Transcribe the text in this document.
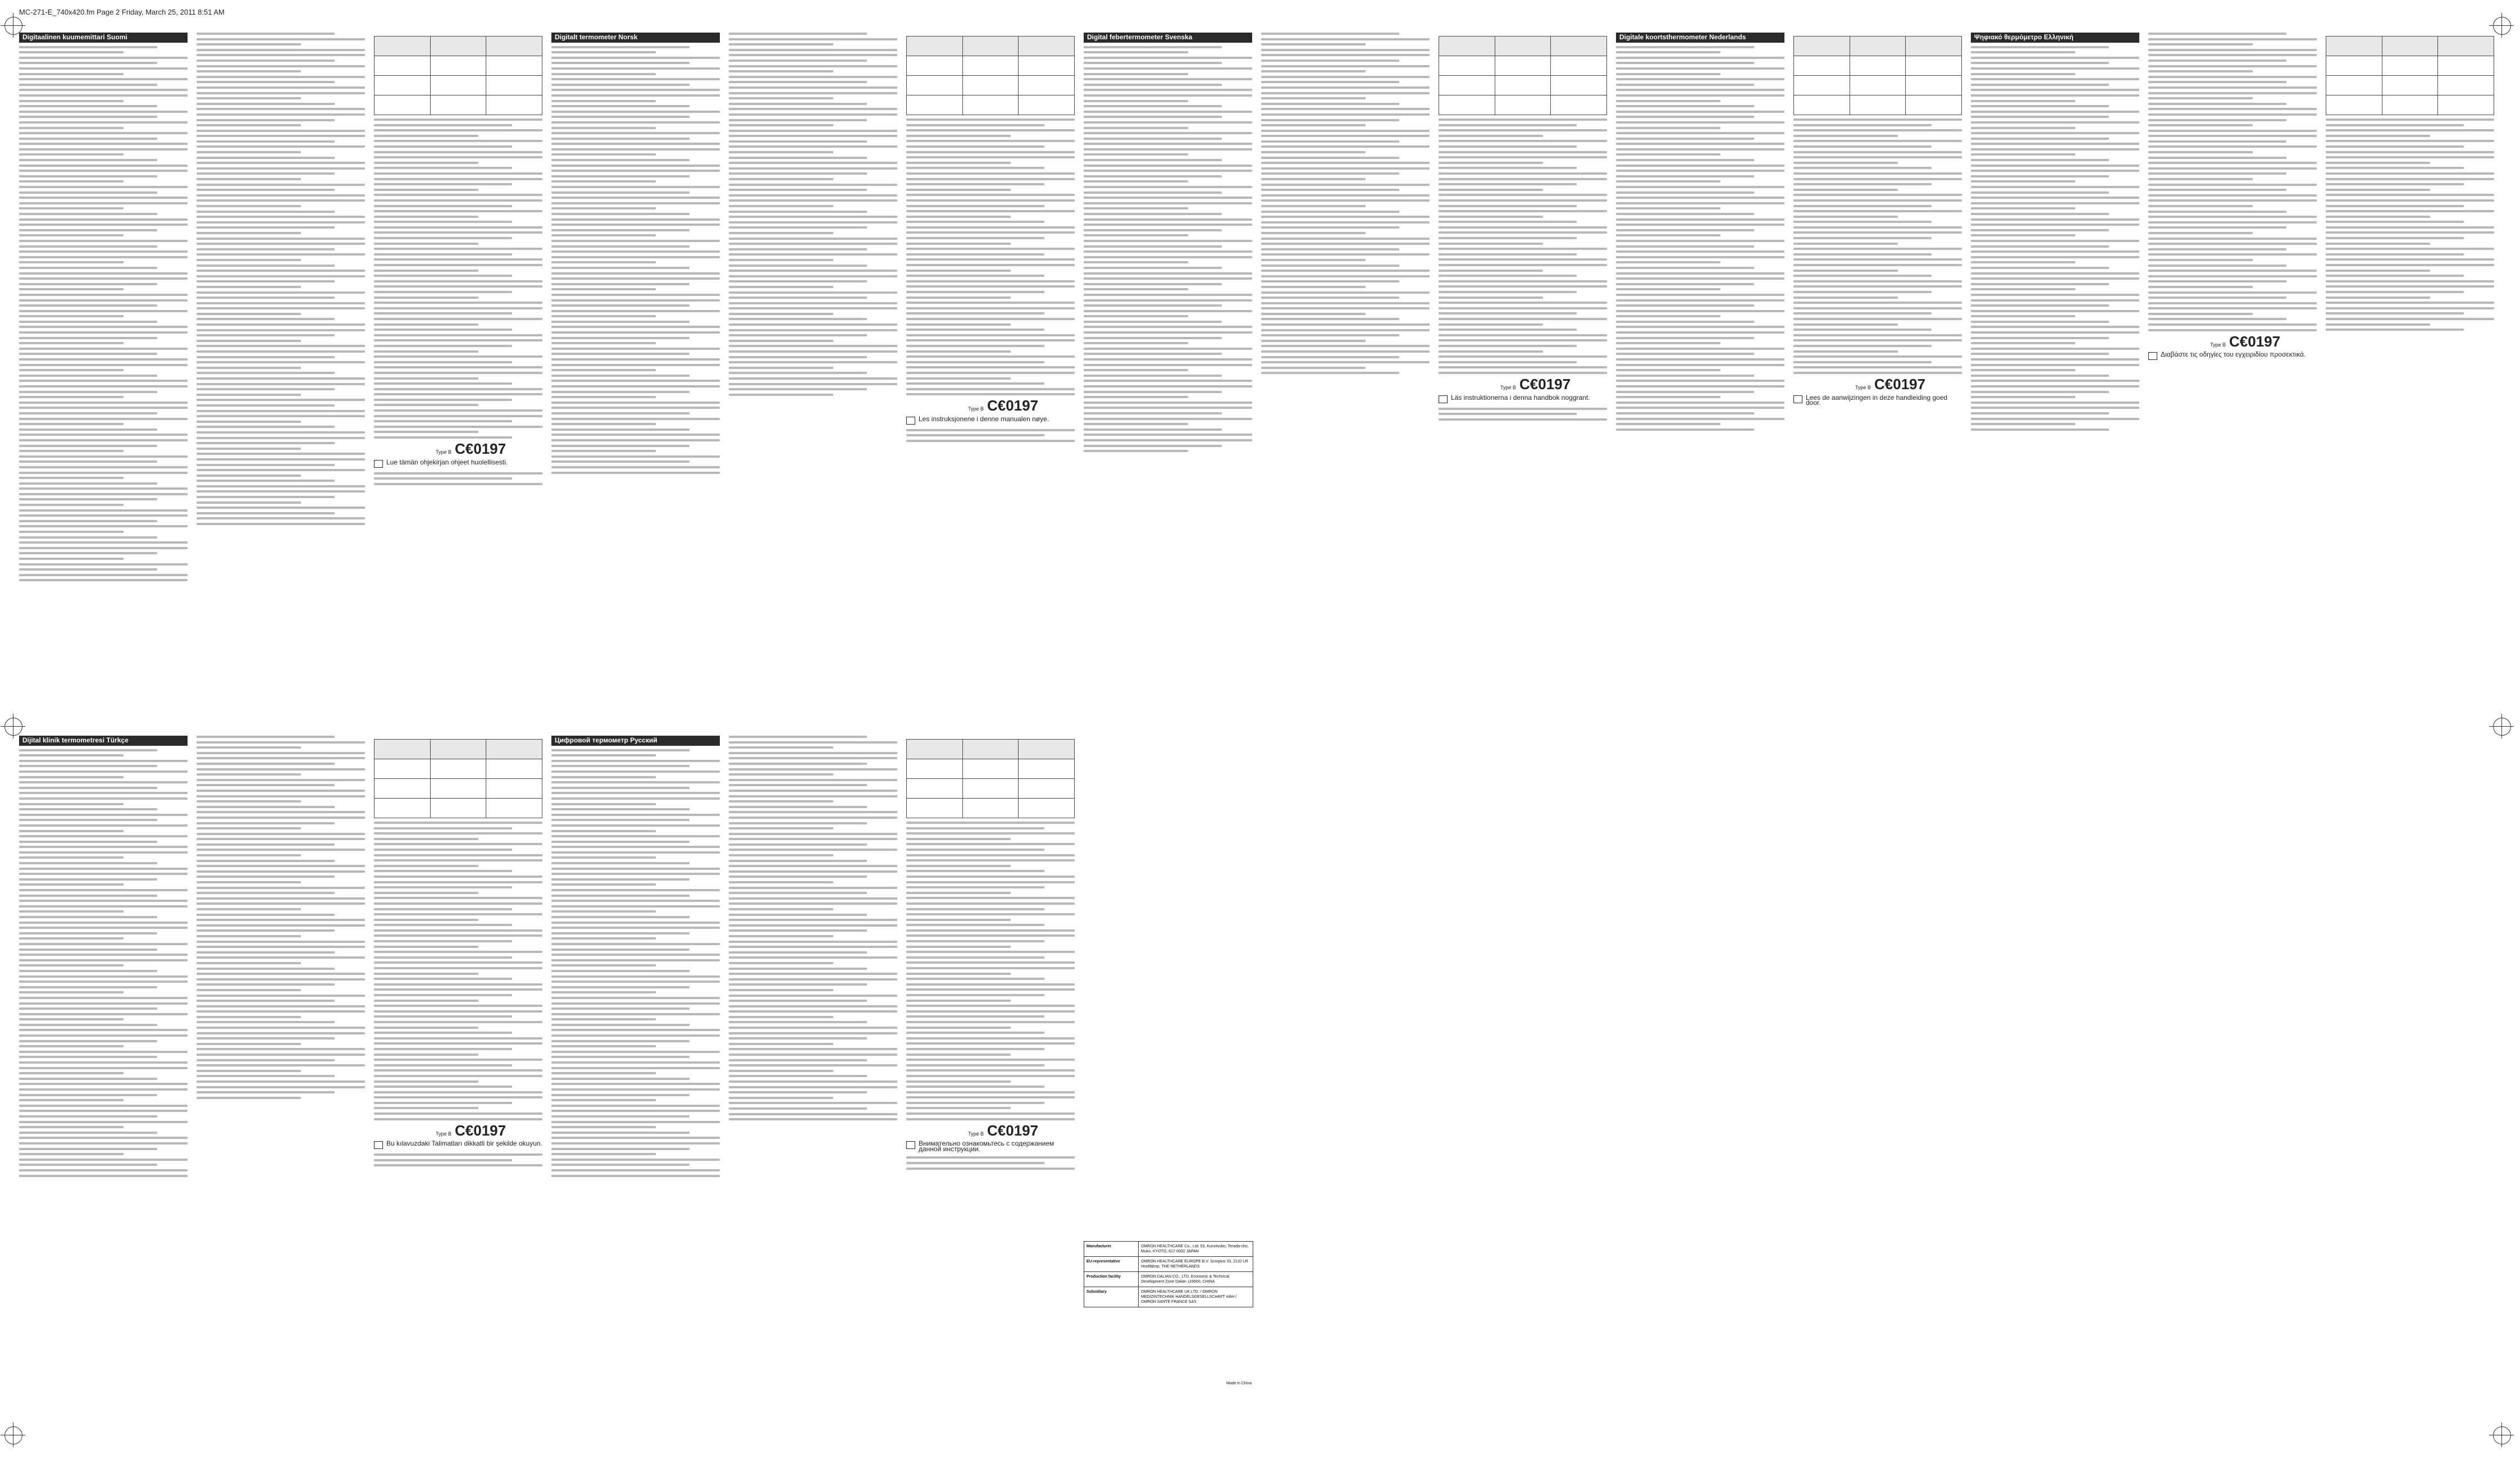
MC-271-E_740x420.fm Page 2 Friday, March 25, 2011 8:51 AM
Digitaalinen kuumemittari Suomi
Type B C€0197
Lue tämän ohjekirjan ohjeet huolellisesti.
Digitalt termometer Norsk
Type B C€0197
Les instruksjonene i denne manualen nøye.
Digital febertermometer Svenska
Type B C€0197
Läs instruktionerna i denna handbok noggrant.
Digitale koortsthermometer Nederlands
Type B C€0197
Lees de aanwijzingen in deze handleiding goed door.
Ψηφιακό θερμόμετρο Ελληνική
Type B C€0197
Διαβάστε τις οδηγίες του εγχειριδίου προσεκτικά.
Dijital klinik termometresi Türkçe
Type B C€0197
Bu kılavuzdaki Talimatları dikkatli bir şekilde okuyun.
Цифровой термометр Русский
Type B C€0197
Внимательно ознакомьтесь с содержанием данной инструкции.
Manufacturer	OMRON HEALTHCARE Co., Ltd. 53, Kunotsubo, Terada-cho, Muko, KYOTO, 617-0002 JAPAN
EU-representative	OMRON HEALTHCARE EUROPE B.V. Scorpius 33, 2132 LR Hoofddorp, THE NETHERLANDS
Production facility	OMRON DALIAN CO., LTD. Economic & Technical Development Zone Dalian 116600, CHINA
Subsidiary	OMRON HEALTHCARE UK LTD. / OMRON MEDIZINTECHNIK HANDELSGESELLSCHAFT mbH / OMRON SANTÉ FRANCE SAS
Made in China
